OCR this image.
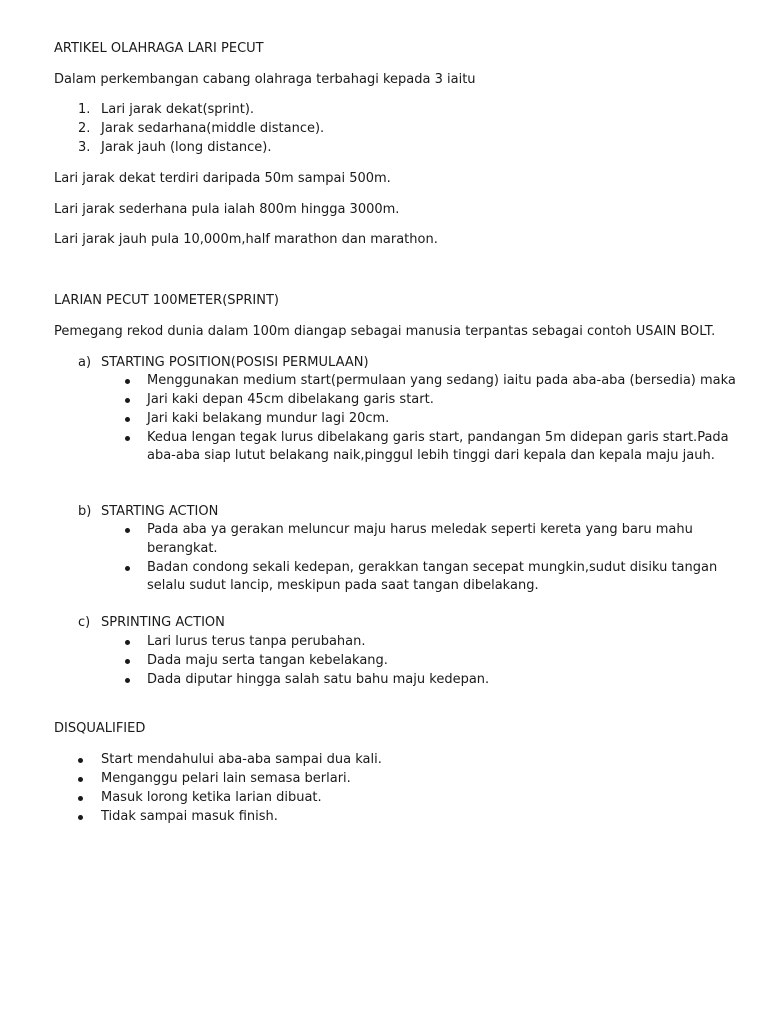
ARTIKEL OLAHRAGA LARI PECUT
Dalam perkembangan cabang olahraga terbahagi kepada 3 iaitu
1. Lari jarak dekat(sprint).
2. Jarak sedarhana(middle distance).
3. Jarak jauh (long distance).
Lari jarak dekat terdiri daripada 50m sampai 500m.
Lari jarak sederhana pula ialah 800m hingga 3000m.
Lari jarak jauh pula 10,000m,half marathon dan marathon.
LARIAN PECUT 100METER(SPRINT)
Pemegang rekod dunia dalam 100m diangap sebagai manusia terpantas sebagai contoh USAIN BOLT.
a) STARTING POSITION(POSISI PERMULAAN)
Menggunakan medium start(permulaan yang sedang) iaitu pada aba-aba (bersedia) maka
Jari kaki depan 45cm dibelakang garis start.
Jari kaki belakang mundur lagi 20cm.
Kedua lengan tegak lurus dibelakang garis start, pandangan 5m didepan garis start.Pada
aba-aba siap lutut belakang naik,pinggul lebih tinggi dari kepala dan kepala maju jauh.
b) STARTING ACTION
Pada aba ya gerakan meluncur maju harus meledak seperti kereta yang baru mahu
berangkat.
Badan condong sekali kedepan, gerakkan tangan secepat mungkin,sudut disiku tangan
selalu sudut lancip, meskipun pada saat tangan dibelakang.
c) SPRINTING ACTION
Lari lurus terus tanpa perubahan.
Dada maju serta tangan kebelakang.
Dada diputar hingga salah satu bahu maju kedepan.
DISQUALIFIED
Start mendahului aba-aba sampai dua kali.
Menganggu pelari lain semasa berlari.
Masuk lorong ketika larian dibuat.
Tidak sampai masuk finish.
